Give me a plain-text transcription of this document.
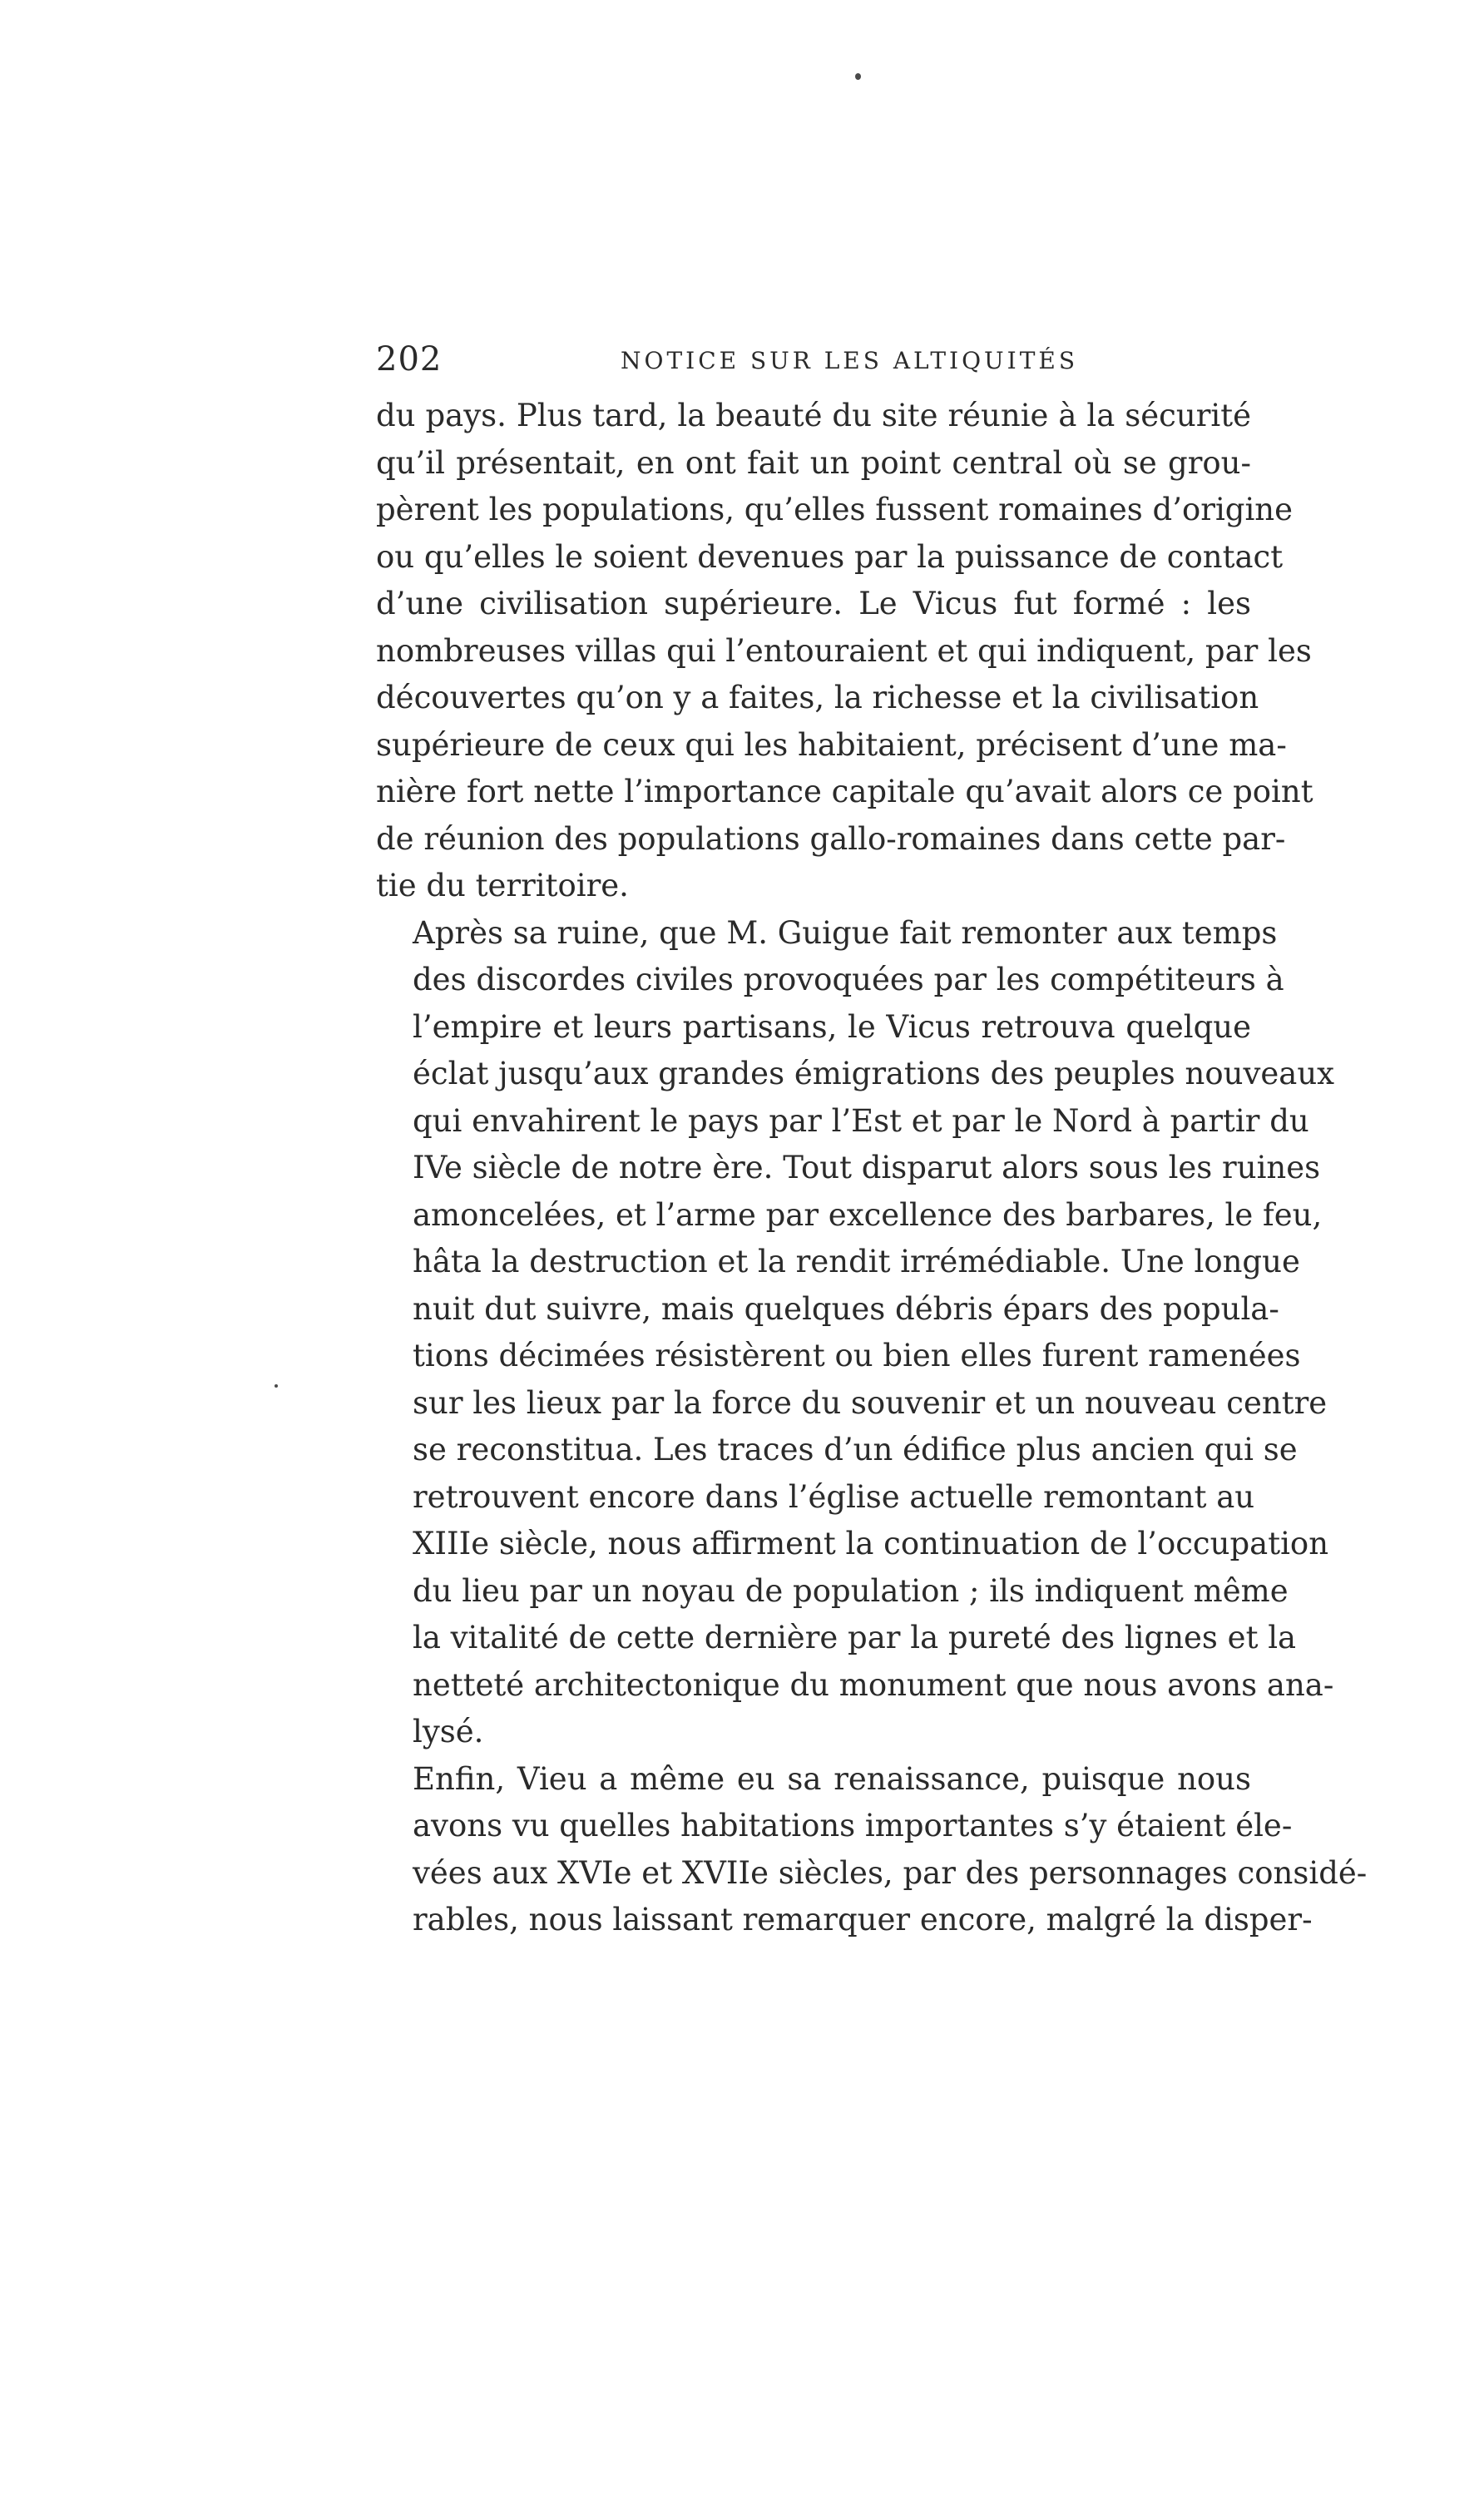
202	NOTICE SUR LES ALTIQUITÉS

du pays. Plus tard, la beauté du site réunie à la sécurité
qu’il présentait, en ont fait un point central où se grou-
pèrent les populations, qu’elles fussent romaines d’origine
ou qu’elles le soient devenues par la puissance de contact
d’une civilisation supérieure. Le Vicus fut formé : les
nombreuses villas qui l’entouraient et qui indiquent, par les
découvertes qu’on y a faites, la richesse et la civilisation
supérieure de ceux qui les habitaient, précisent d’une ma-
nière fort nette l’importance capitale qu’avait alors ce point
de réunion des populations gallo-romaines dans cette par-
tie du territoire.

Après sa ruine, que M. Guigue fait remonter aux temps
des discordes civiles provoquées par les compétiteurs à
l’empire et leurs partisans, le Vicus retrouva quelque
éclat jusqu’aux grandes émigrations des peuples nouveaux
qui envahirent le pays par l’Est et par le Nord à partir du
IVe siècle de notre ère. Tout disparut alors sous les ruines
amoncelées, et l’arme par excellence des barbares, le feu,
hâta la destruction et la rendit irrémédiable. Une longue
nuit dut suivre, mais quelques débris épars des popula-
tions décimées résistèrent ou bien elles furent ramenées
sur les lieux par la force du souvenir et un nouveau centre
se reconstitua. Les traces d’un édifice plus ancien qui se
retrouvent encore dans l’église actuelle remontant au
XIIIe siècle, nous affirment la continuation de l’occupation
du lieu par un noyau de population ; ils indiquent même
la vitalité de cette dernière par la pureté des lignes et la
netteté architectonique du monument que nous avons ana-
lysé.

Enfin, Vieu a même eu sa renaissance, puisque nous
avons vu quelles habitations importantes s’y étaient éle-
vées aux XVIe et XVIIe siècles, par des personnages considé-
rables, nous laissant remarquer encore, malgré la disper-
